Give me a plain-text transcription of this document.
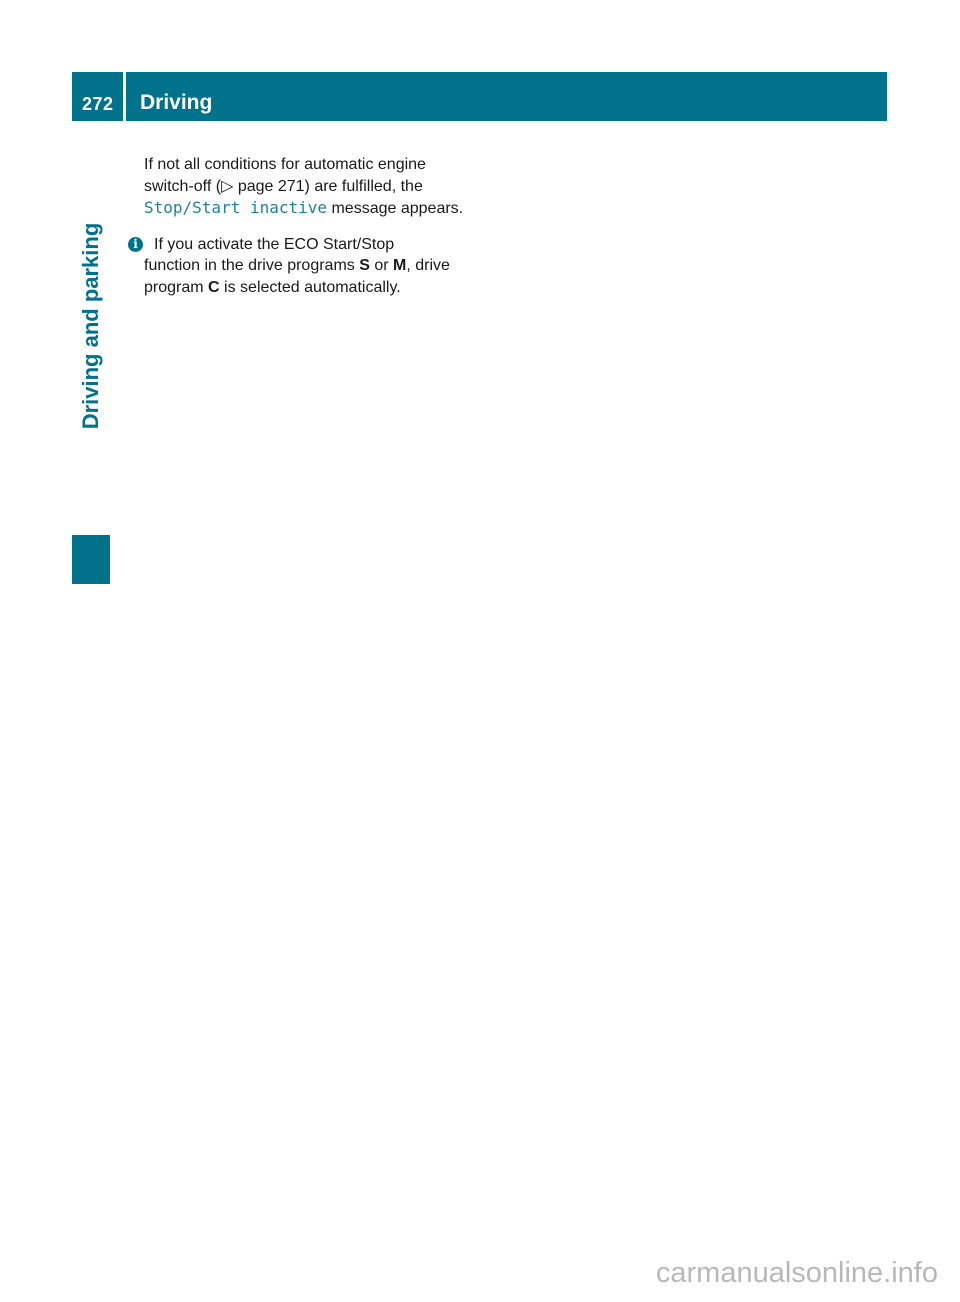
272 Driving
Driving and parking

If not all conditions for automatic engine
switch-off (▷ page 271) are fulfilled, the
Stop/Start inactive message appears.

i	If you activate the ECO Start/Stop
function in the drive programs S or M, drive
program C is selected automatically.

carmanualsonline.info
